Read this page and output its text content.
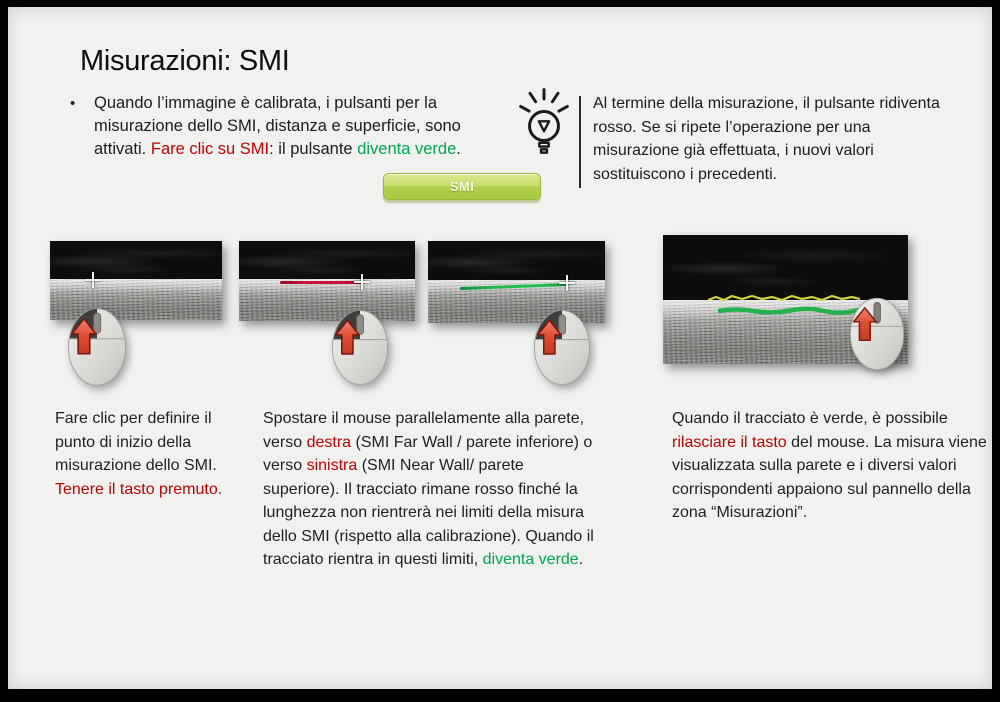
Misurazioni: SMI
• Quando l’immagine è calibrata, i pulsanti per la misurazione dello SMI, distanza e superficie, sono attivati. Fare clic su SMI: il pulsante diventa verde.

SMI

Al termine della misurazione, il pulsante ridiventa rosso. Se si ripete l’operazione per una misurazione già effettuata, i nuovi valori sostituiscono i precedenti.

Fare clic per definire il punto di inizio della misurazione dello SMI. Tenere il tasto premuto.

Spostare il mouse parallelamente alla parete, verso destra (SMI Far Wall / parete inferiore) o verso sinistra (SMI Near Wall/ parete superiore). Il tracciato rimane rosso finché la lunghezza non rientrerà nei limiti della misura dello SMI (rispetto alla calibrazione). Quando il tracciato rientra in questi limiti, diventa verde.

Quando il tracciato è verde, è possibile rilasciare il tasto del mouse. La misura viene visualizzata sulla parete e i diversi valori corrispondenti appaiono sul pannello della zona “Misurazioni”.
